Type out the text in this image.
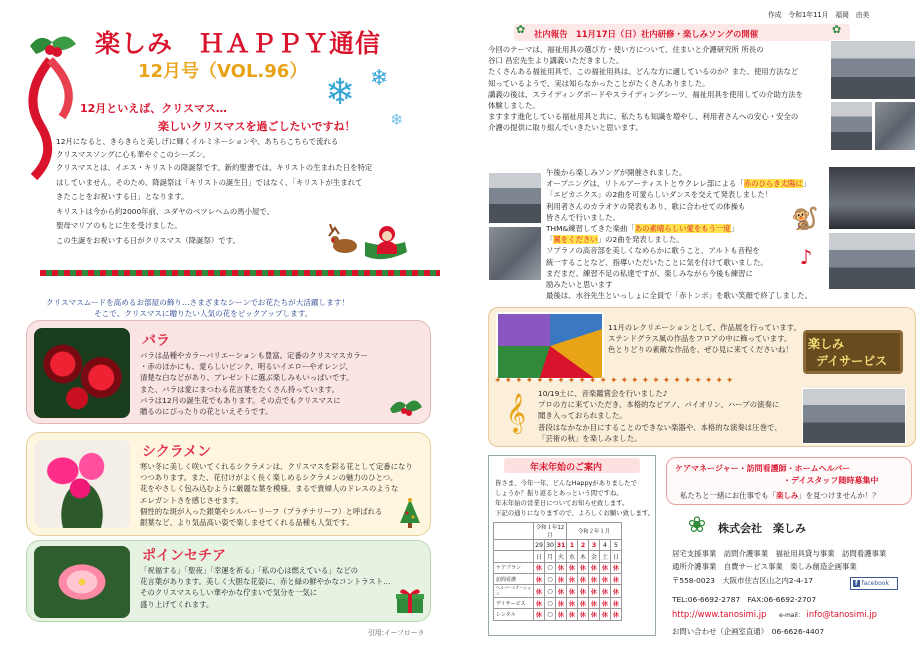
楽しみ　ＨＡＰＰＹ通信
12月号（VOL.96）
❄ ❄
❄
12月といえば、クリスマス…
楽しいクリスマスを過ごしたいですね！
12月になると、きらきらと美しげに輝くイルミネーションや、あちらこちらで流れる
クリスマスソングに心も華やぐこのシーズン。
クリスマスとは、イエス・キリストの降誕祭です。新約聖書では、キリストの生まれた日を特定
はしていません。そのため、降誕祭は「キリストの誕生日」ではなく、「キリストが生まれて
きたことをお祝いする日」となります。
キリストは今から約2000年前、ユダヤのベツレヘムの馬小屋で、
聖母マリアのもとに生を受けました。
この生誕をお祝いする日がクリスマス（降誕祭）です。
クリスマスムードを高めるお部屋の飾り…さまざまなシーンでお花たちが大活躍します！
そこで、クリスマスに贈りたい人気の花をピックアップします。
バラ
バラは品種やカラーバリエーションも豊富。定番のクリスマスカラー
・赤のほかにも、愛らしいピンク、明るいイエローやオレンジ、
清楚な白などがあり、プレゼントに選ぶ楽しみもいっぱいです。
また、バラは愛にまつわる花言葉をたくさん持っています。
バラは12月の誕生花でもあります。その点でもクリスマスに
贈るのにぴったりの花といえそうです。
シクラメン
寒い冬に美しく咲いてくれるシクラメンは、クリスマスを彩る花として定番になり
つつあります。また、花付けがよく長く楽しめるシクラメンの魅力のひとつ。
花をやさしく包み込むように厳麗な葉を模様、まるで貴婦人のドレスのような
エレガントさを感じさせます。
個性的な斑が入った銀葉やシルバーリーフ（プラチナリーフ）と呼ばれる
銀葉など、より気品高い姿で楽しませてくれる品種も人気です。
ポインセチア
「祝福する」「聖夜」「幸運を祈る」「私の心は燃えている」などの
花言葉があります。美しく大胆な花姿に、赤と緑の鮮やかなコントラスト…
そのクリスマスらしい華やかな佇まいで気分を一気に
盛り上げてくれます。
引用:イーフローラ
作成　令和1年11月　福岡　由美
✿	✿
社内報告　11月17日（日）社内研修・楽しみソングの開催
今回のテーマは、福祉用具の選び方・使い方について、住まいと介護研究所 所長の
谷口 昌宏先生より講義いただきました。
たくさんある福祉用具で、この福祉用具は、どんな方に適しているのか？また、使用方法など
知っているようで、実は知らなかったことがたくさんありました。
講義の後は、スライディングボードやスライディングシーツ、福祉用具を使用しての介助方法を
体験しました。
ますます進化している福祉用具と共に、私たちも知識を増やし、利用者さんへの安心・安全の
介護の提供に取り組んでいきたいと思います。
🐒
♪
午後から楽しみソングが開催されました。
オープニングは、リトルアーティストとウクレレ部による「赤のひらき太陽に」
「エビカニクス」の2曲を可愛らしいダンスを交えて発表しました！
利用者さんのカラオケの発表もあり、歌に合わせての体操も
皆さんで行いました。
THM&練習してきた楽曲「あの素晴らしい愛をもう一度」
「翼をください」の2曲を発表しました。
ソプラノの高音部を美しくなめらかに歌うこと、アルトも音程を
統一することなど、指導いただいたことに気を付けて歌いました。
まだまだ、練習不足の私達ですが、楽しみながら今後も練習に
励みたいと思います
最後は、水谷先生といっしょに全員で「赤トンボ」を歌い笑顔で終了しました。
11月のレクリエーションとして、作品展を行っています。
ステンドグラス風の作品をフロアの中に飾っています。
色とりどりの素敵な作品を、ぜひ見に来てくださいね！	楽しみ
デイサービス
✦✦✦✦✦✦✦✦✦✦✦✦✦✦✦✦✦✦✦✦✦✦✦
𝄞 10/19土に、音楽鑑賞会を行いました♪
プロの方に来ていただき、本格的なピアノ、バイオリン、ハープの演奏に
聞き入っておられました。
普段はなかなか目にすることのできない楽器や、本格的な演奏は圧巻で、
「芸術の秋」を楽しみました。
年末年始のご案内
皆さま、今年一年、どんなHappyがありましたで
しょうか？振り返るとあっという間ですね。
年末年始の営業日についてお知らせ致します。
下記の通りになりますので、よろしくお願い致します。
	令和１年12月			令和２年１月				
	29	30	31	1	2	3	4	5
	日	月	火	水	木	金	土	日
ケアプラン	休	○	休	休	休	休	休	休
訪問看護	休	○	休	休	休	休	休	休
ヘルパーステーション	休	○	休	休	休	休	休	休
デイサービス	休	○	休	休	休	休	休	休
レンタル	休	○	休	休	休	休	休	休
ケアマネージャー・訪問看護師・ホームヘルパー
・デイスタッフ随時募集中
私たちと一緒にお仕事でも「楽しみ」を見つけませんか！？
❀	株式会社　楽しみ
居宅支援事業　訪問介護事業　福祉用具貸与事業　訪問看護事業
通所介護事業　自費サービス事業　楽しみ創造企画事業
〒558-0023　大阪市住吉区山之内2-4-17	f facebook
TEL:06-6692-2787　FAX:06-6692-2707
http://www.tanosimi.jp e-mail： info@tanosimi.jp
お問い合わせ（企画室直通）　06-6626-4407
